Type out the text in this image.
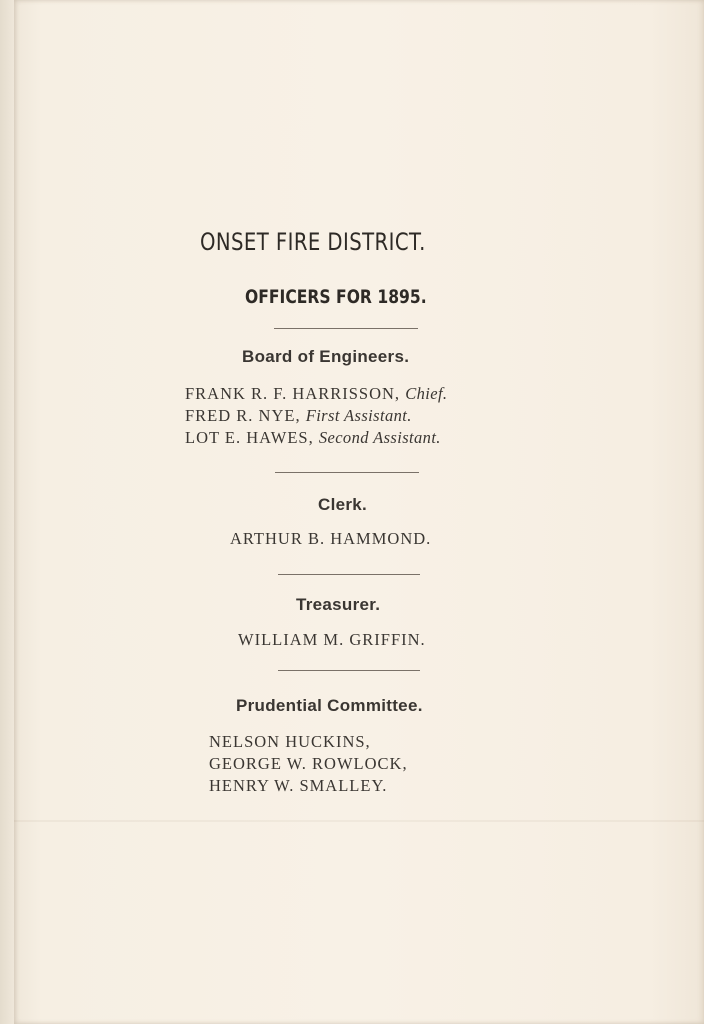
ONSET FIRE DISTRICT.
OFFICERS FOR 1895.
Board of Engineers.
FRANK R. F. HARRISSON, Chief.
FRED R. NYE, First Assistant.
LOT E. HAWES, Second Assistant.
Clerk.
ARTHUR B. HAMMOND.
Treasurer.
WILLIAM M. GRIFFIN.
Prudential Committee.
NELSON HUCKINS,
GEORGE W. ROWLOCK,
HENRY W. SMALLEY.
